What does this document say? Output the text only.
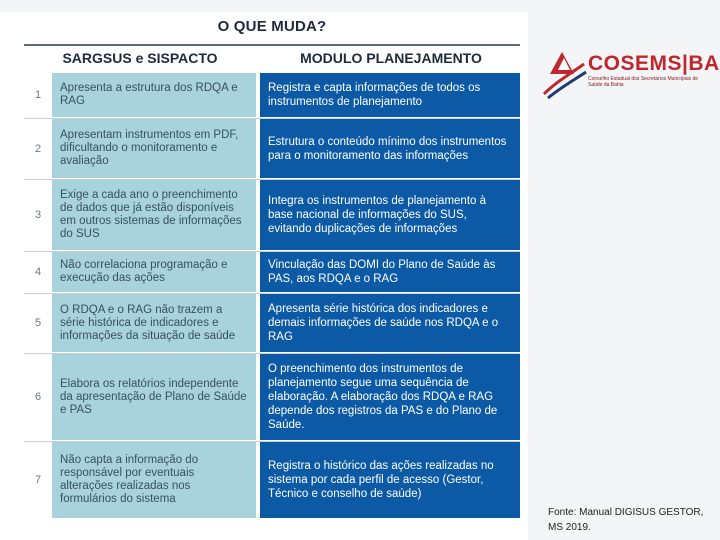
O QUE MUDA?
SARGSUS e SISPACTO	MODULO PLANEJAMENTO
1
Apresenta a estrutura dos RDQA e RAG
Registra e capta informações de todos os instrumentos de planejamento
2
Apresentam instrumentos em PDF, dificultando o monitoramento e avaliação
Estrutura o conteúdo mínimo dos instrumentos para o monitoramento das informações
3
Exige a cada ano o preenchimento de dados que já estão disponíveis em outros sistemas de informações do SUS
Integra os instrumentos de planejamento à base nacional de informações do SUS, evitando duplicações de informações
4
Não correlaciona programação e execução das ações
Vinculação das DOMI do Plano de Saúde às PAS, aos RDQA e o RAG
5
O RDQA e o RAG não trazem a série histórica de indicadores e informações da situação de saúde
Apresenta série histórica dos indicadores e demais informações de saúde nos RDQA e o RAG
6
Elabora os relatórios independente da apresentação de Plano de Saúde e PAS
O preenchimento dos instrumentos de planejamento segue uma sequência de elaboração. A elaboração dos RDQA e RAG depende dos registros da PAS e do Plano de Saúde.
7
Não capta a informação do responsável por eventuais alterações realizadas nos formulários do sistema
Registra o histórico das ações realizadas no sistema por cada perfil de acesso (Gestor, Técnico e conselho de saúde)
COSEMS|BA
Conselho Estadual dos Secretários Municipais de Saúde da Bahia
Fonte: Manual DIGISUS GESTOR, MS 2019.
